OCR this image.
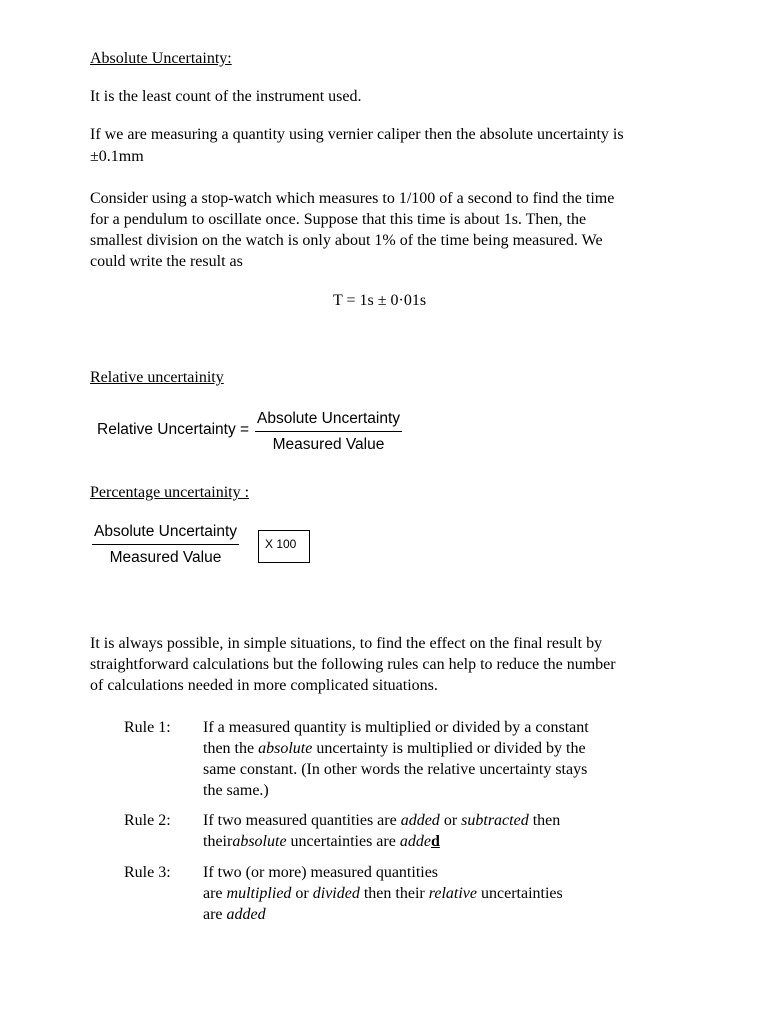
Absolute Uncertainty:
It is the least count of the instrument used.
If we are measuring a quantity using vernier caliper then the absolute uncertainty is
±0.1mm
Consider using a stop-watch which measures to 1/100 of a second to find the time
for a pendulum to oscillate once. Suppose that this time is about 1s. Then, the
smallest division on the watch is only about 1% of the time being measured. We
could write the result as
T = 1s ± 0·01s
Relative uncertainity
Relative Uncertainty =
Absolute Uncertainty
Measured Value
Percentage uncertainity :
Absolute Uncertainty
Measured Value
X 100
It is always possible, in simple situations, to find the effect on the final result by
straightforward calculations but the following rules can help to reduce the number
of calculations needed in more complicated situations.
Rule 1: If a measured quantity is multiplied or divided by a constant
then the absolute uncertainty is multiplied or divided by the
same constant. (In other words the relative uncertainty stays
the same.)
Rule 2: If two measured quantities are added or subtracted then
theirabsolute uncertainties are added
Rule 3: If two (or more) measured quantities
are multiplied or divided then their relative uncertainties
are added
